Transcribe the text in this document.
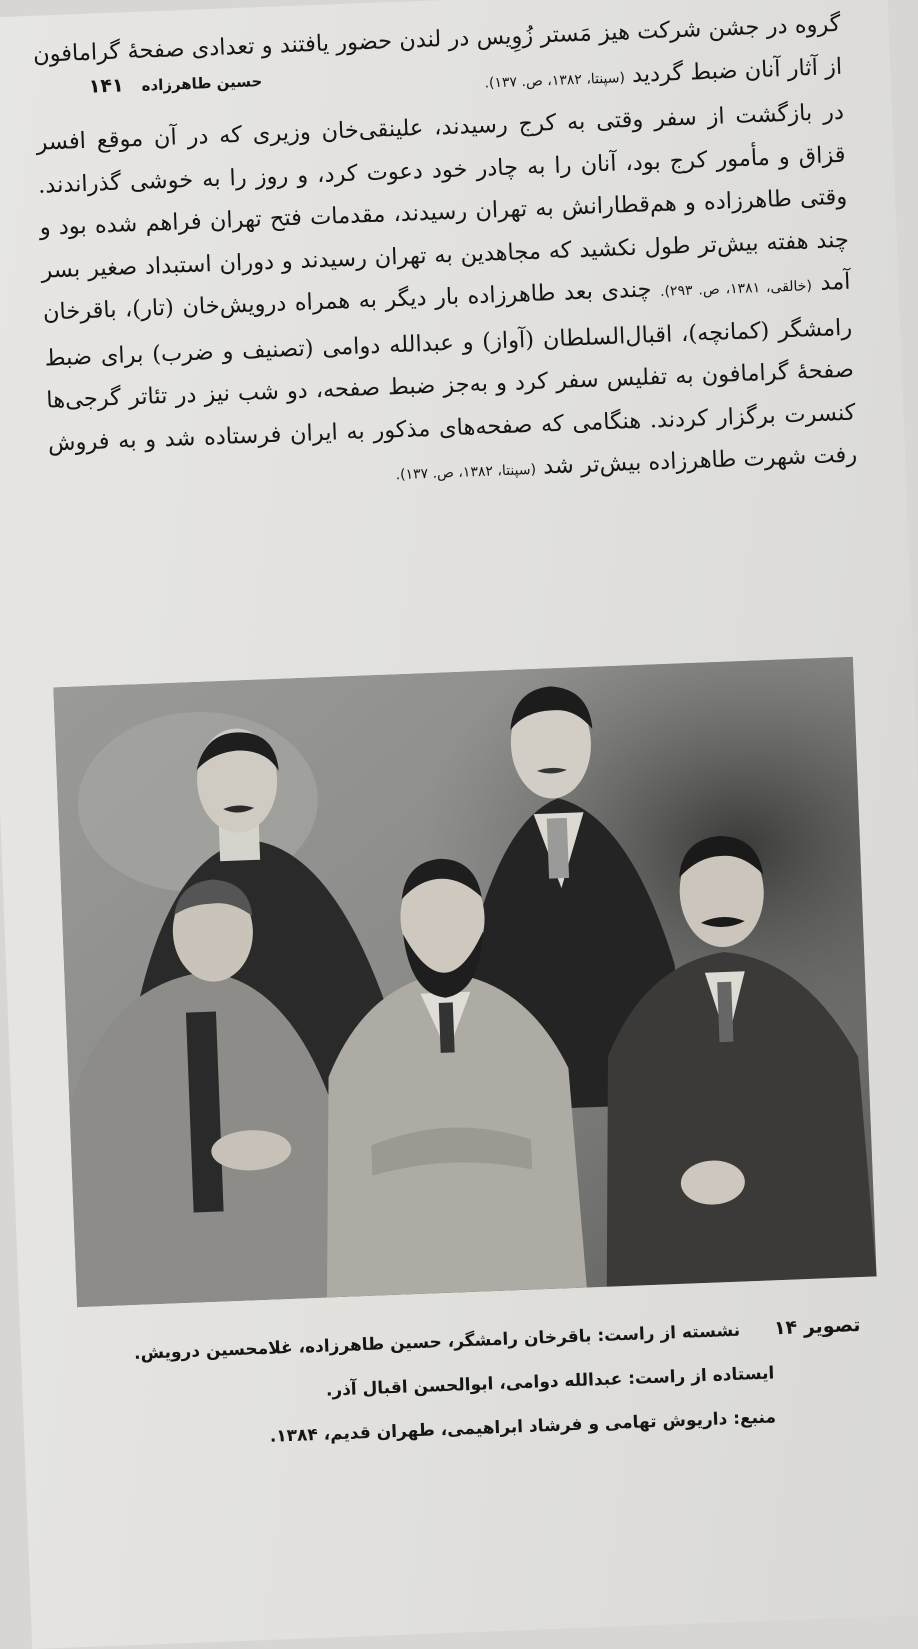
حسین طاهرزاده
۱۴۱

گروه در جشن شرکت هیز مَستر زُوِیس در لندن حضور یافتند و تعدادی صفحهٔ گرامافون از آثار آنان ضبط گردید (سپنتا، ۱۳۸۲، ص. ۱۳۷).

در بازگشت از سفر وقتی به کرج رسیدند، علینقی‌خان وزیری که در آن موقع افسر قزاق و مأمور کرج بود، آنان را به چادر خود دعوت کرد، و روز را به خوشی گذراندند. وقتی طاهرزاده و هم‌قطارانش به تهران رسیدند، مقدمات فتح تهران فراهم شده بود و چند هفته بیش‌تر طول نکشید که مجاهدین به تهران رسیدند و دوران استبداد صغیر بسر آمد (خالقی، ۱۳۸۱، ص. ۲۹۳). چندی بعد طاهرزاده بار دیگر به همراه درویش‌خان (تار)، باقرخان رامشگر (کمانچه)، اقبال‌السلطان (آواز) و عبدالله دوامی (تصنیف و ضرب) برای ضبط صفحهٔ گرامافون به تفلیس سفر کرد و به‌جز ضبط صفحه، دو شب نیز در تئاتر گرجی‌ها کنسرت برگزار کردند. هنگامی که صفحه‌های مذکور به ایران فرستاده شد و به فروش رفت شهرت طاهرزاده بیش‌تر شد (سپنتا، ۱۳۸۲، ص. ۱۳۷).

تصویر ۱۴ نشسته از راست: باقرخان رامشگر، حسین طاهرزاده، غلامحسین درویش.
ایستاده از راست: عبدالله دوامی، ابوالحسن اقبال آذر.
منبع: داریوش تهامی و فرشاد ابراهیمی، طهران قدیم، ۱۳۸۴.
